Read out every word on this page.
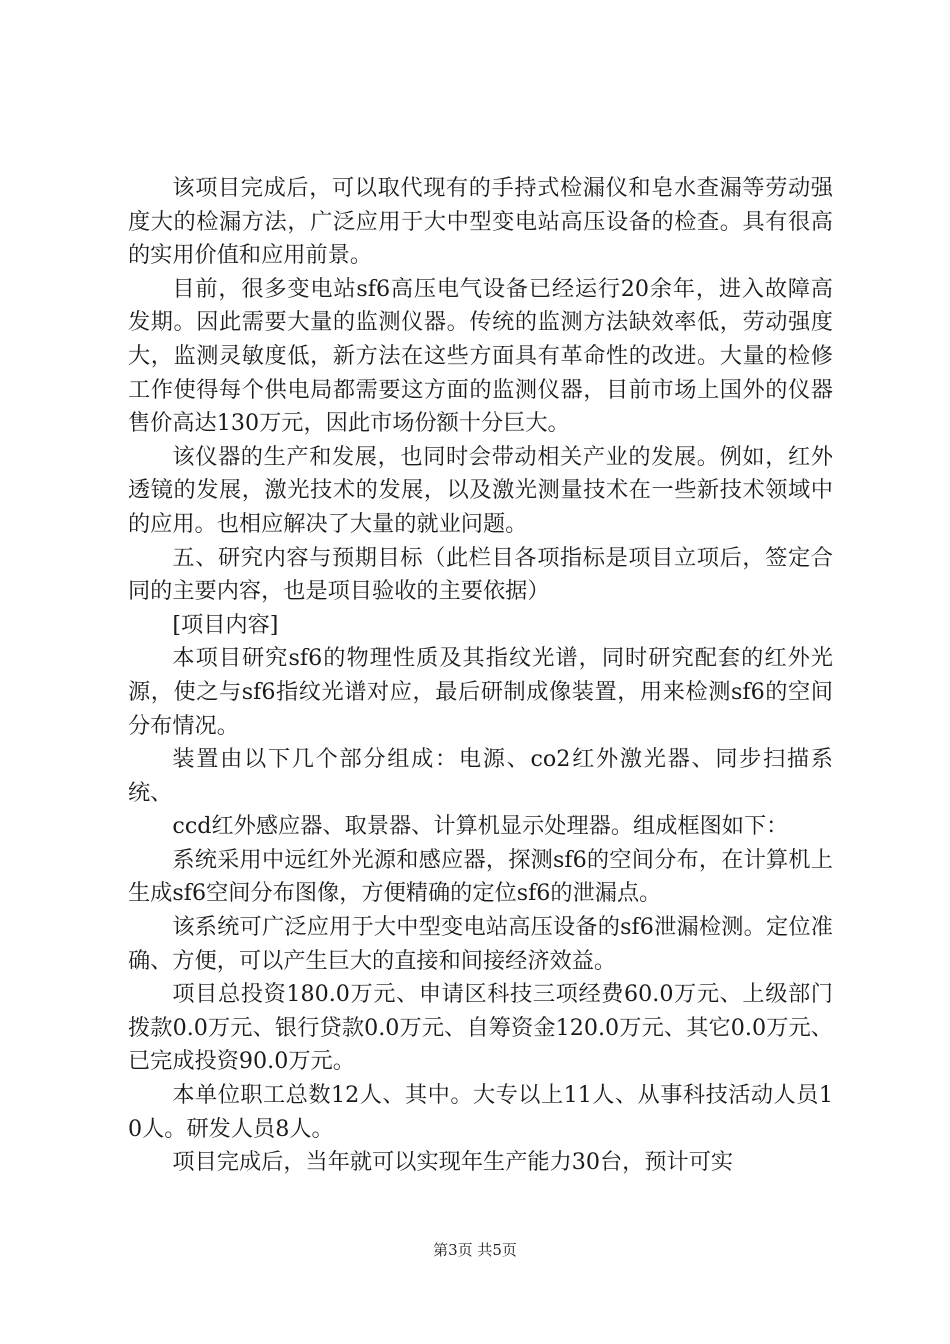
该项目完成后，可以取代现有的手持式检漏仪和皂水查漏等劳动强度大的检漏方法，广泛应用于大中型变电站高压设备的检查。具有很高的实用价值和应用前景。

目前，很多变电站sf6高压电气设备已经运行20余年，进入故障高发期。因此需要大量的监测仪器。传统的监测方法缺效率低，劳动强度大，监测灵敏度低，新方法在这些方面具有革命性的改进。大量的检修工作使得每个供电局都需要这方面的监测仪器，目前市场上国外的仪器售价高达130万元，因此市场份额十分巨大。

该仪器的生产和发展，也同时会带动相关产业的发展。例如，红外透镜的发展，激光技术的发展，以及激光测量技术在一些新技术领域中的应用。也相应解决了大量的就业问题。

五、研究内容与预期目标（此栏目各项指标是项目立项后，签定合同的主要内容，也是项目验收的主要依据）

[项目内容]

本项目研究sf6的物理性质及其指纹光谱，同时研究配套的红外光源，使之与sf6指纹光谱对应，最后研制成像装置，用来检测sf6的空间分布情况。

装置由以下几个部分组成：电源、co2红外激光器、同步扫描系统、

ccd红外感应器、取景器、计算机显示处理器。组成框图如下：

系统采用中远红外光源和感应器，探测sf6的空间分布，在计算机上生成sf6空间分布图像，方便精确的定位sf6的泄漏点。

该系统可广泛应用于大中型变电站高压设备的sf6泄漏检测。定位准确、方便，可以产生巨大的直接和间接经济效益。

项目总投资180.0万元、申请区科技三项经费60.0万元、上级部门拨款0.0万元、银行贷款0.0万元、自筹资金120.0万元、其它0.0万元、已完成投资90.0万元。

本单位职工总数12人、其中。大专以上11人、从事科技活动人员10人。研发人员8人。

项目完成后，当年就可以实现年生产能力30台，预计可实

第3页 共5页
